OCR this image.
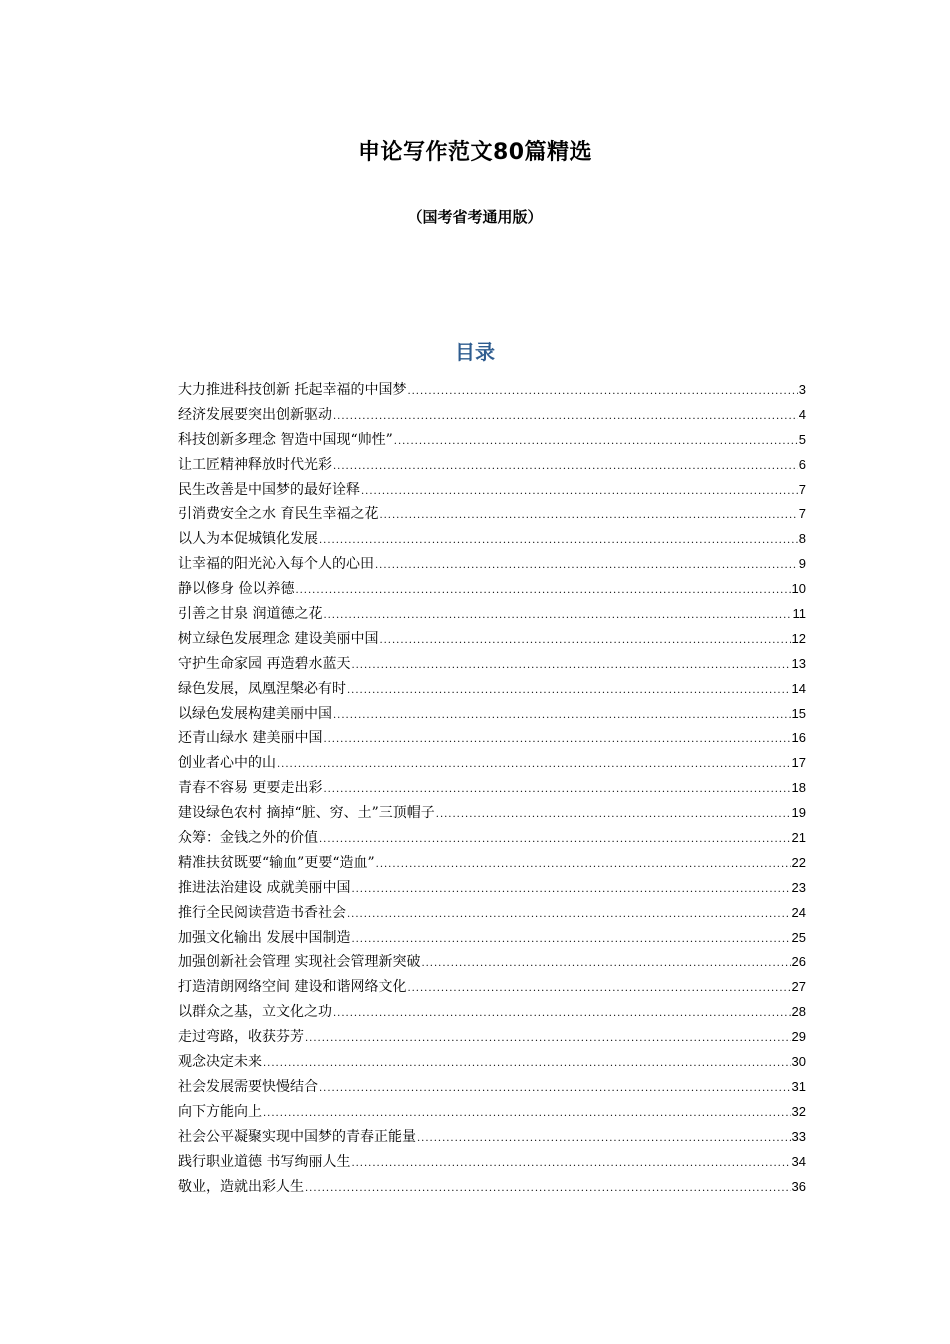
申论写作范文80篇精选
（国考省考通用版）
目录
大力推进科技创新 托起幸福的中国梦 .....	3
经济发展要突出创新驱动 .....	4
科技创新多理念 智造中国现“帅性” .....	5
让工匠精神释放时代光彩 .....	6
民生改善是中国梦的最好诠释 .....	7
引消费安全之水 育民生幸福之花 .....	7
以人为本促城镇化发展 .....	8
让幸福的阳光沁入每个人的心田 .....	9
静以修身 俭以养德 .....	10
引善之甘泉 润道德之花 .....	11
树立绿色发展理念 建设美丽中国 .....	12
守护生命家园 再造碧水蓝天 .....	13
绿色发展，凤凰涅槃必有时 .....	14
以绿色发展构建美丽中国 .....	15
还青山绿水 建美丽中国 .....	16
创业者心中的山 .....	17
青春不容易 更要走出彩 .....	18
建设绿色农村 摘掉“脏、穷、土”三顶帽子 .....	19
众筹：金钱之外的价值 .....	21
精准扶贫既要“输血”更要“造血” .....	22
推进法治建设 成就美丽中国 .....	23
推行全民阅读营造书香社会 .....	24
加强文化输出 发展中国制造 .....	25
加强创新社会管理 实现社会管理新突破 .....	26
打造清朗网络空间 建设和谐网络文化 .....	27
以群众之基，立文化之功 .....	28
走过弯路，收获芬芳 .....	29
观念决定未来 .....	30
社会发展需要快慢结合 .....	31
向下方能向上 .....	32
社会公平凝聚实现中国梦的青春正能量 .....	33
践行职业道德 书写绚丽人生 .....	34
敬业，造就出彩人生 .....	36
